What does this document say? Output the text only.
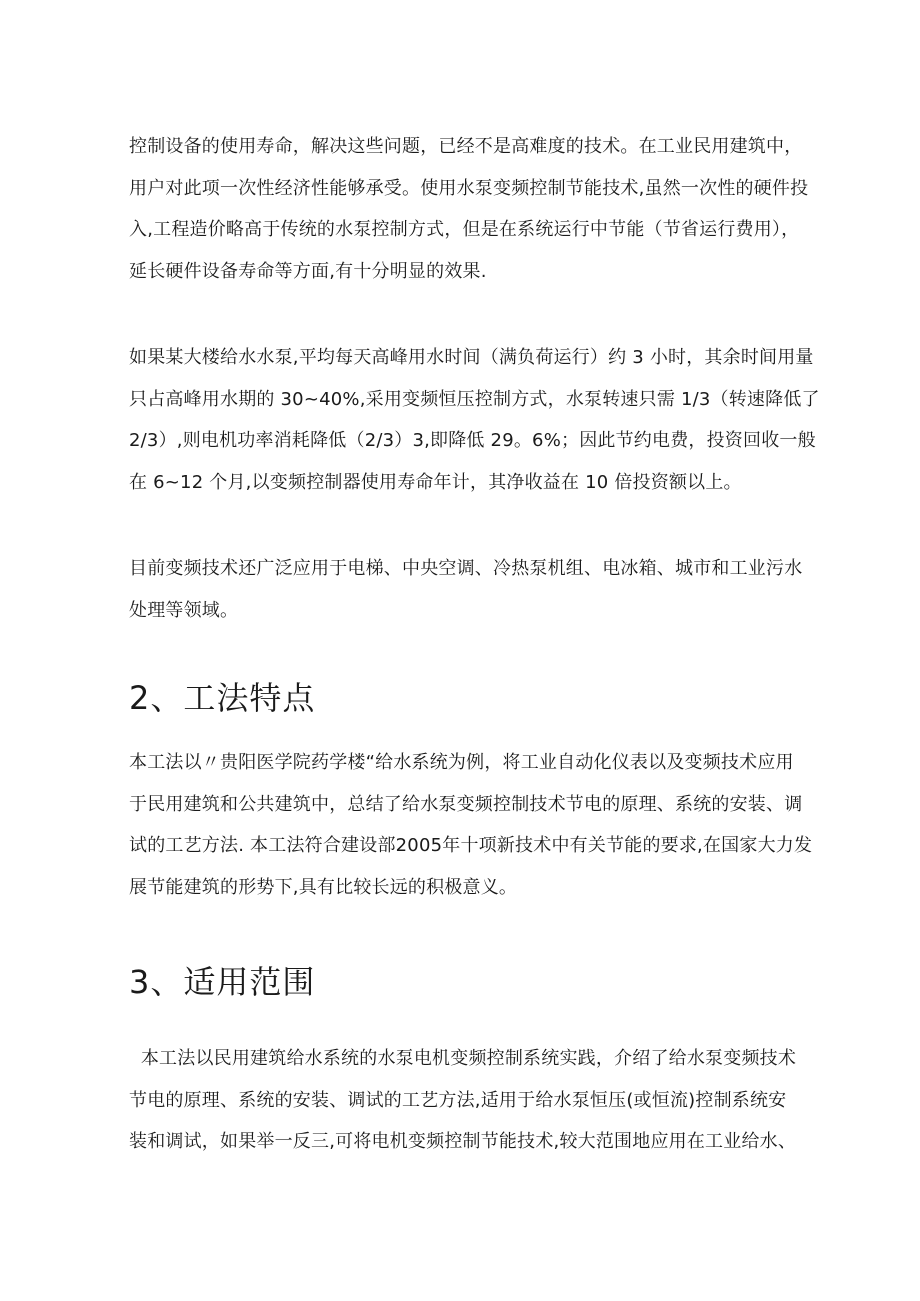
控制设备的使用寿命，解决这些问题，已经不是高难度的技术。在工业民用建筑中，
用户对此项一次性经济性能够承受。使用水泵变频控制节能技术,虽然一次性的硬件投
入,工程造价略高于传统的水泵控制方式，但是在系统运行中节能（节省运行费用），
延长硬件设备寿命等方面,有十分明显的效果.

如果某大楼给水水泵,平均每天高峰用水时间（满负荷运行）约 3 小时，其余时间用量
只占高峰用水期的 30~40%,采用变频恒压控制方式，水泵转速只需 1/3（转速降低了
2/3）,则电机功率消耗降低（2/3）3,即降低 29。6%；因此节约电费，投资回收一般
在 6~12 个月,以变频控制器使用寿命年计，其净收益在 10 倍投资额以上。

目前变频技术还广泛应用于电梯、中央空调、冷热泵机组、电冰箱、城市和工业污水
处理等领域。

2、工法特点

本工法以〃贵阳医学院药学楼“给水系统为例，将工业自动化仪表以及变频技术应用
于民用建筑和公共建筑中，总结了给水泵变频控制技术节电的原理、系统的安装、调
试的工艺方法. 本工法符合建设部2005年十项新技术中有关节能的要求,在国家大力发
展节能建筑的形势下,具有比较长远的积极意义。

3、适用范围

本工法以民用建筑给水系统的水泵电机变频控制系统实践，介绍了给水泵变频技术
节电的原理、系统的安装、调试的工艺方法,适用于给水泵恒压(或恒流)控制系统安
装和调试，如果举一反三,可将电机变频控制节能技术,较大范围地应用在工业给水、
